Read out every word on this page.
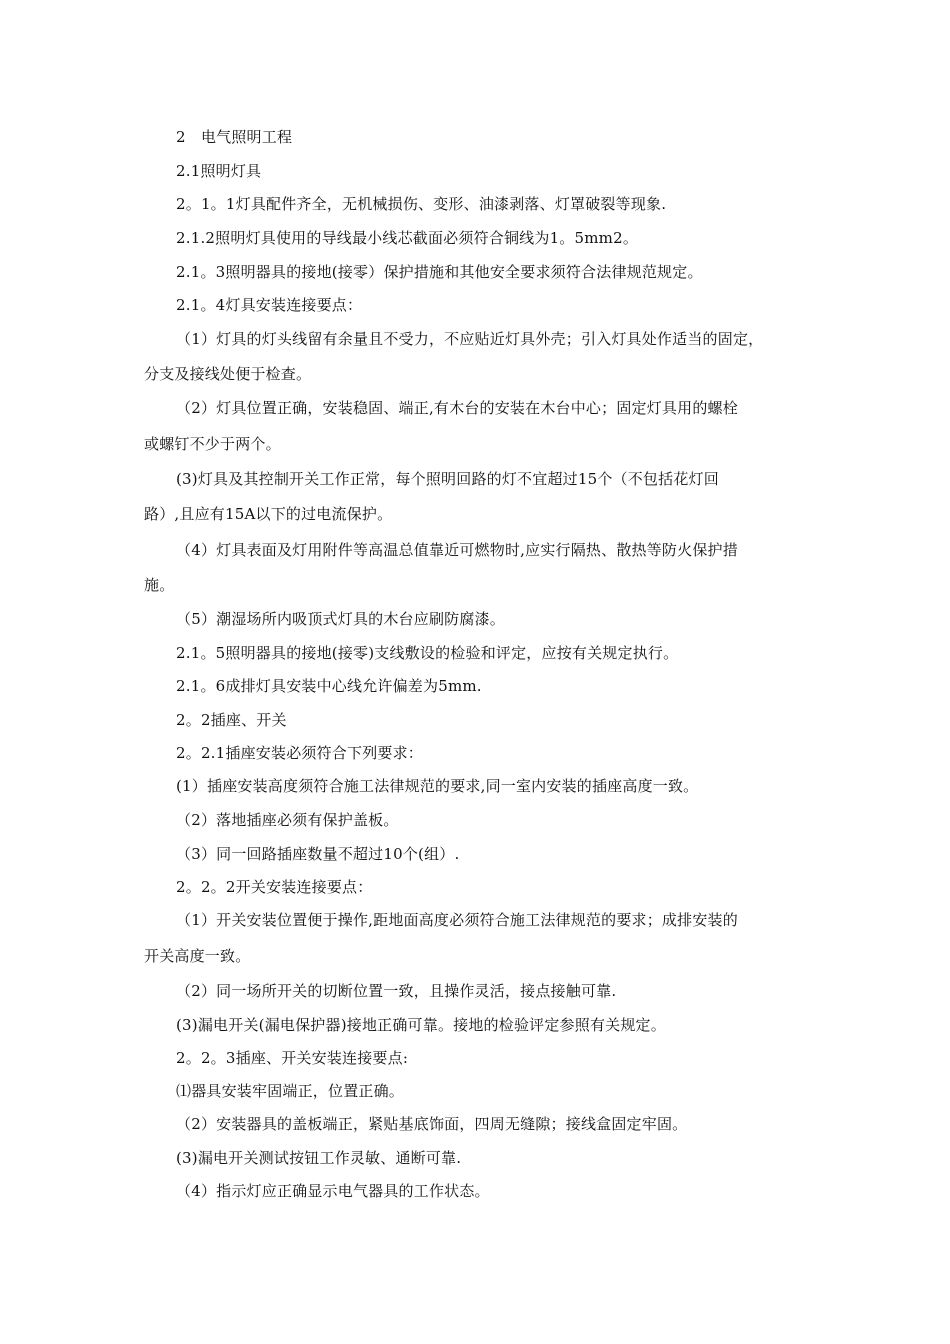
2　电气照明工程
2.1照明灯具
2。1。1灯具配件齐全，无机械损伤、变形、油漆剥落、灯罩破裂等现象.
2.1.2照明灯具使用的导线最小线芯截面必须符合铜线为1。5mm2。
2.1。3照明器具的接地(接零）保护措施和其他安全要求须符合法律规范规定。
2.1。4灯具安装连接要点：
（1）灯具的灯头线留有余量且不受力，不应贴近灯具外壳；引入灯具处作适当的固定，
分支及接线处便于检查。
（2）灯具位置正确，安装稳固、端正,有木台的安装在木台中心；固定灯具用的螺栓
或螺钉不少于两个。
(3)灯具及其控制开关工作正常，每个照明回路的灯不宜超过15个（不包括花灯回
路）,且应有15A以下的过电流保护。
（4）灯具表面及灯用附件等高温总值靠近可燃物时,应实行隔热、散热等防火保护措
施。
（5）潮湿场所内吸顶式灯具的木台应刷防腐漆。
2.1。5照明器具的接地(接零)支线敷设的检验和评定，应按有关规定执行。
2.1。6成排灯具安装中心线允许偏差为5mm.
2。2插座、开关
2。2.1插座安装必须符合下列要求：
(1）插座安装高度须符合施工法律规范的要求,同一室内安装的插座高度一致。
（2）落地插座必须有保护盖板。
（3）同一回路插座数量不超过10个(组）.
2。2。2开关安装连接要点：
（1）开关安装位置便于操作,距地面高度必须符合施工法律规范的要求；成排安装的
开关高度一致。
（2）同一场所开关的切断位置一致，且操作灵活，接点接触可靠.
(3)漏电开关(漏电保护器)接地正确可靠。接地的检验评定参照有关规定。
2。2。3插座、开关安装连接要点:
⑴器具安装牢固端正，位置正确。
（2）安装器具的盖板端正，紧贴基底饰面，四周无缝隙；接线盒固定牢固。
(3)漏电开关测试按钮工作灵敏、通断可靠.
（4）指示灯应正确显示电气器具的工作状态。
